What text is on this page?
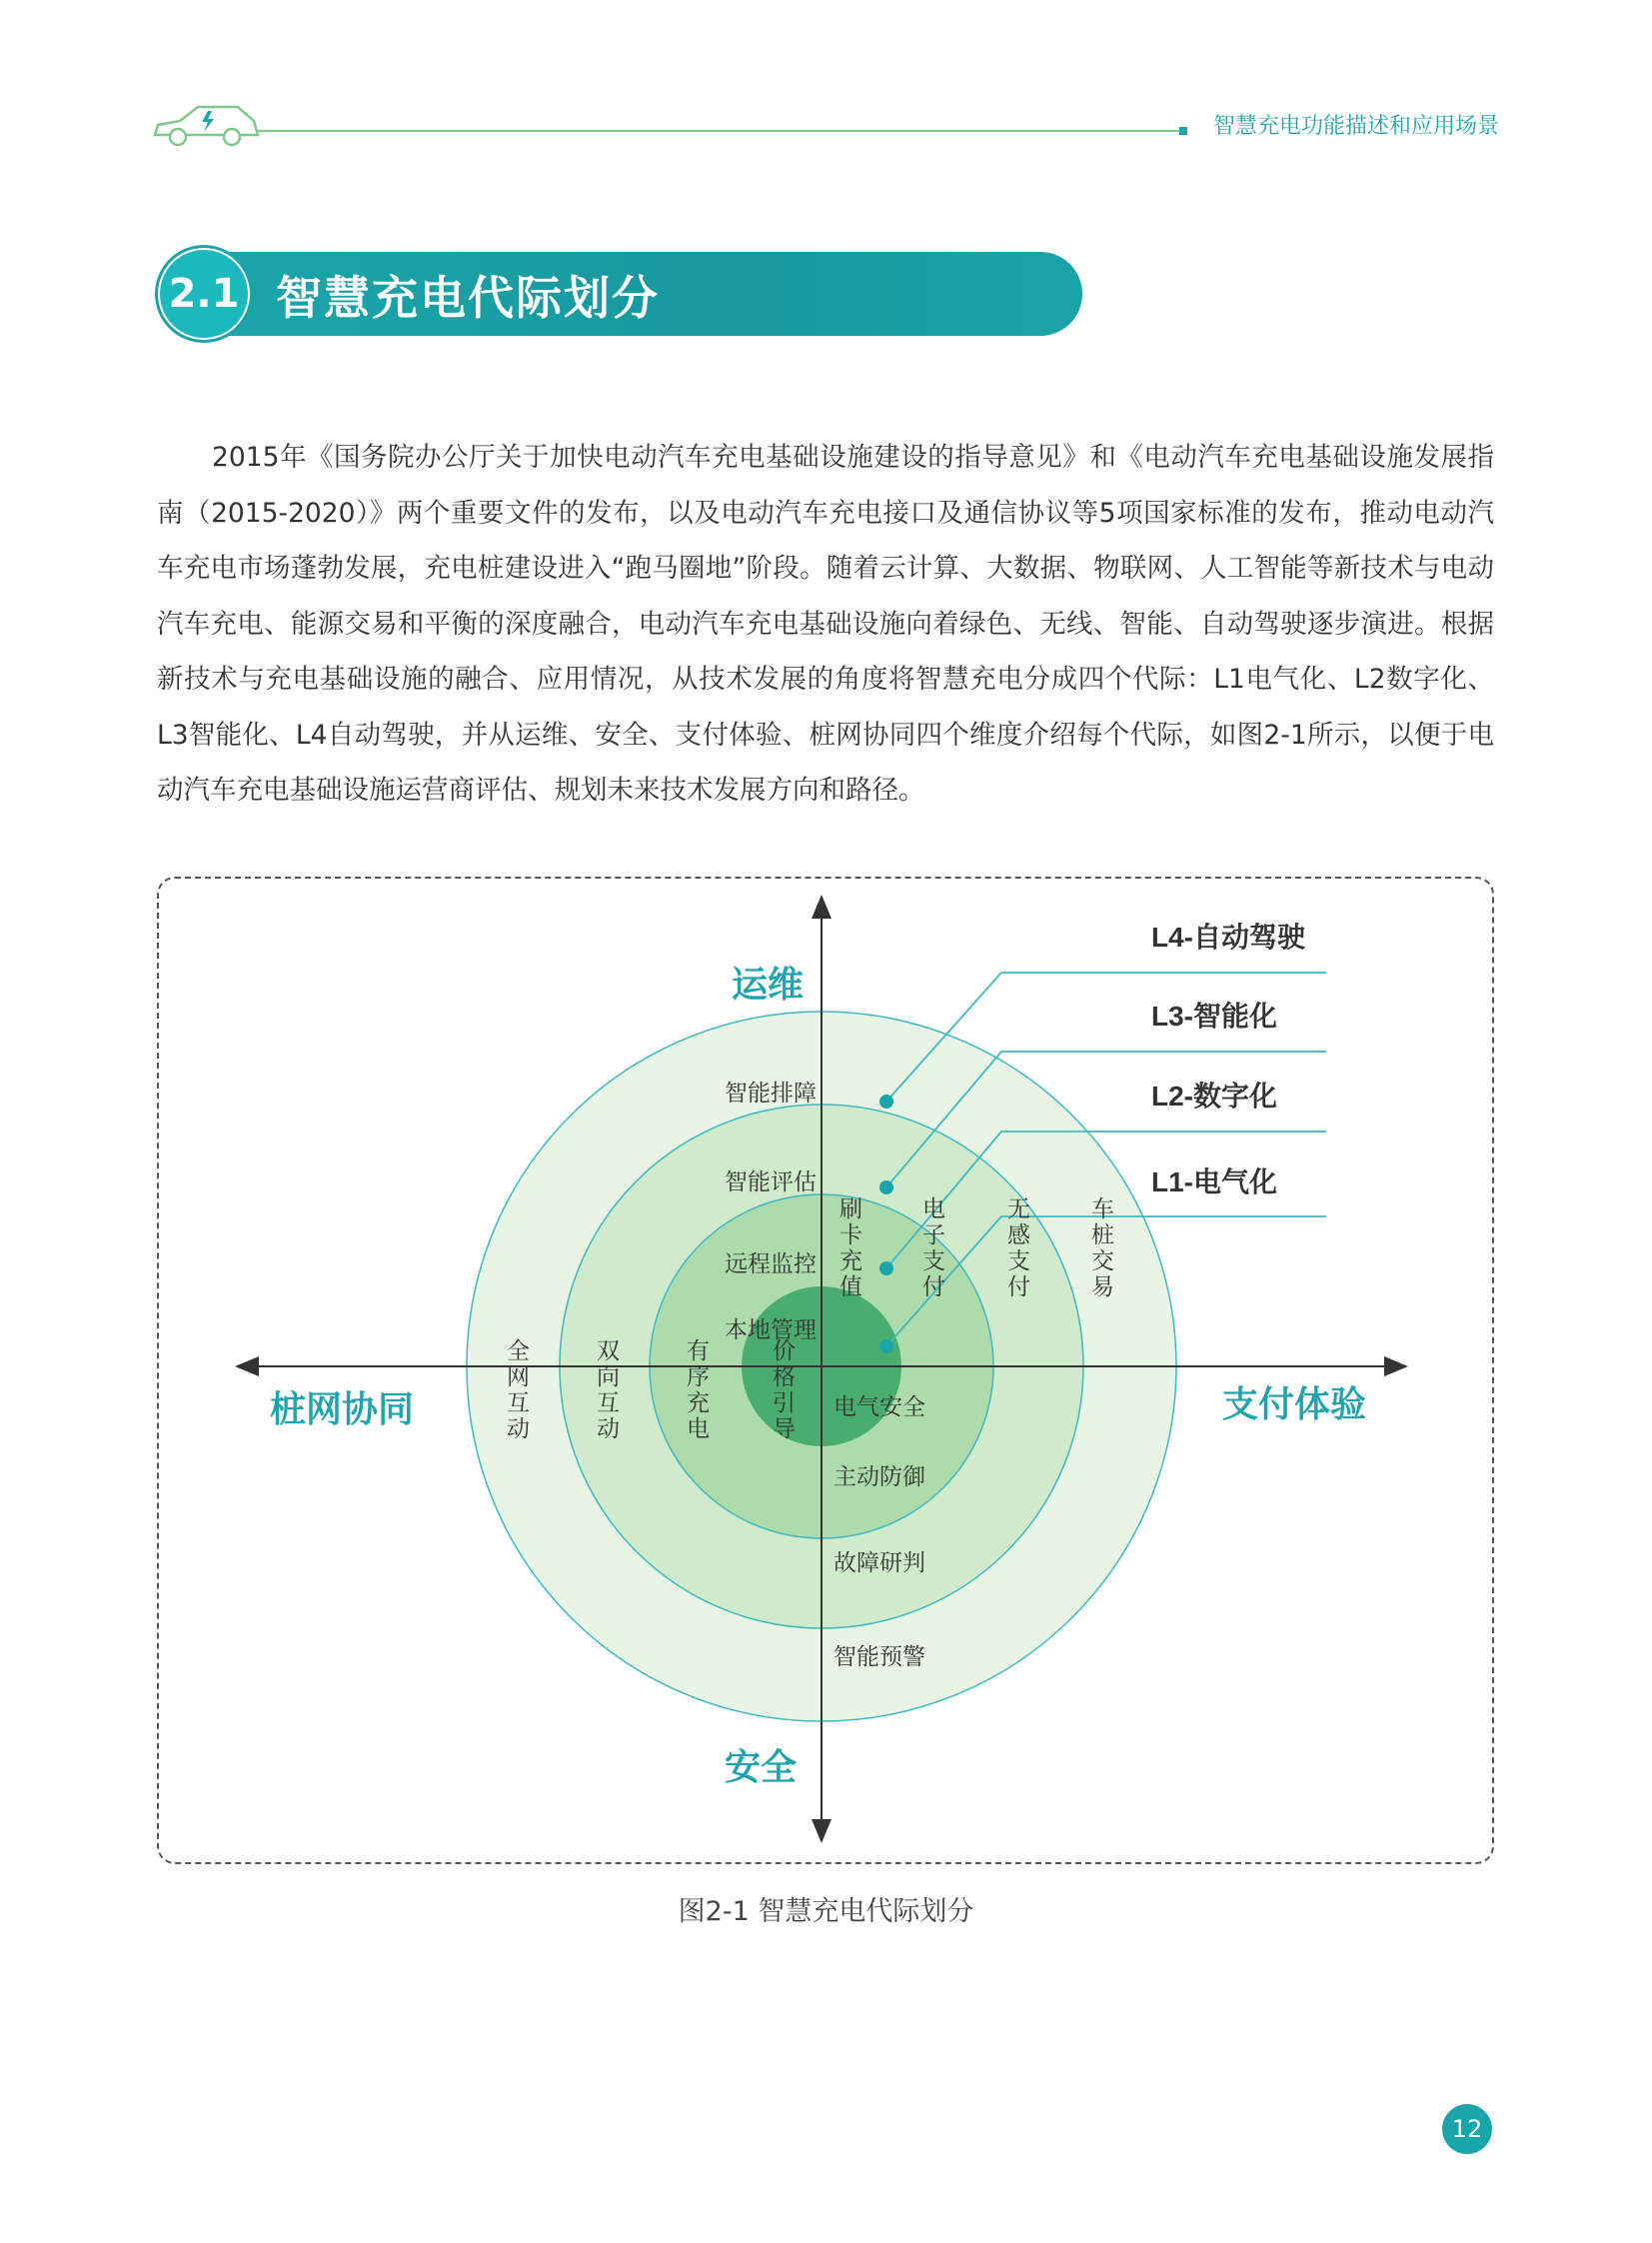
智慧充电功能描述和应用场景
2.1 智慧充电代际划分
2015年《国务院办公厅关于加快电动汽车充电基础设施建设的指导意见》和《电动汽车充电基础设施发展指南（2015-2020）》两个重要文件的发布，以及电动汽车充电接口及通信协议等5项国家标准的发布，推动电动汽车充电市场蓬勃发展，充电桩建设进入“跑马圈地”阶段。随着云计算、大数据、物联网、人工智能等新技术与电动汽车充电、能源交易和平衡的深度融合，电动汽车充电基础设施向着绿色、无线、智能、自动驾驶逐步演进。根据新技术与充电基础设施的融合、应用情况，从技术发展的角度将智慧充电分成四个代际：L1电气化、L2数字化、L3智能化、L4自动驾驶，并从运维、安全、支付体验、桩网协同四个维度介绍每个代际，如图2-1所示，以便于电动汽车充电基础设施运营商评估、规划未来技术发展方向和路径。
运维
安全
桩网协同	支付体验
L4-自动驾驶
L3-智能化
L2-数字化
L1-电气化
智能排障
智能评估
远程监控
本地管理
电气安全
主动防御
故障研判
智能预警
刷卡充值 电子支付	无感支付	车桩交易
全网互动	双向互动	有序充电	价格引导
图2-1 智慧充电代际划分
12
